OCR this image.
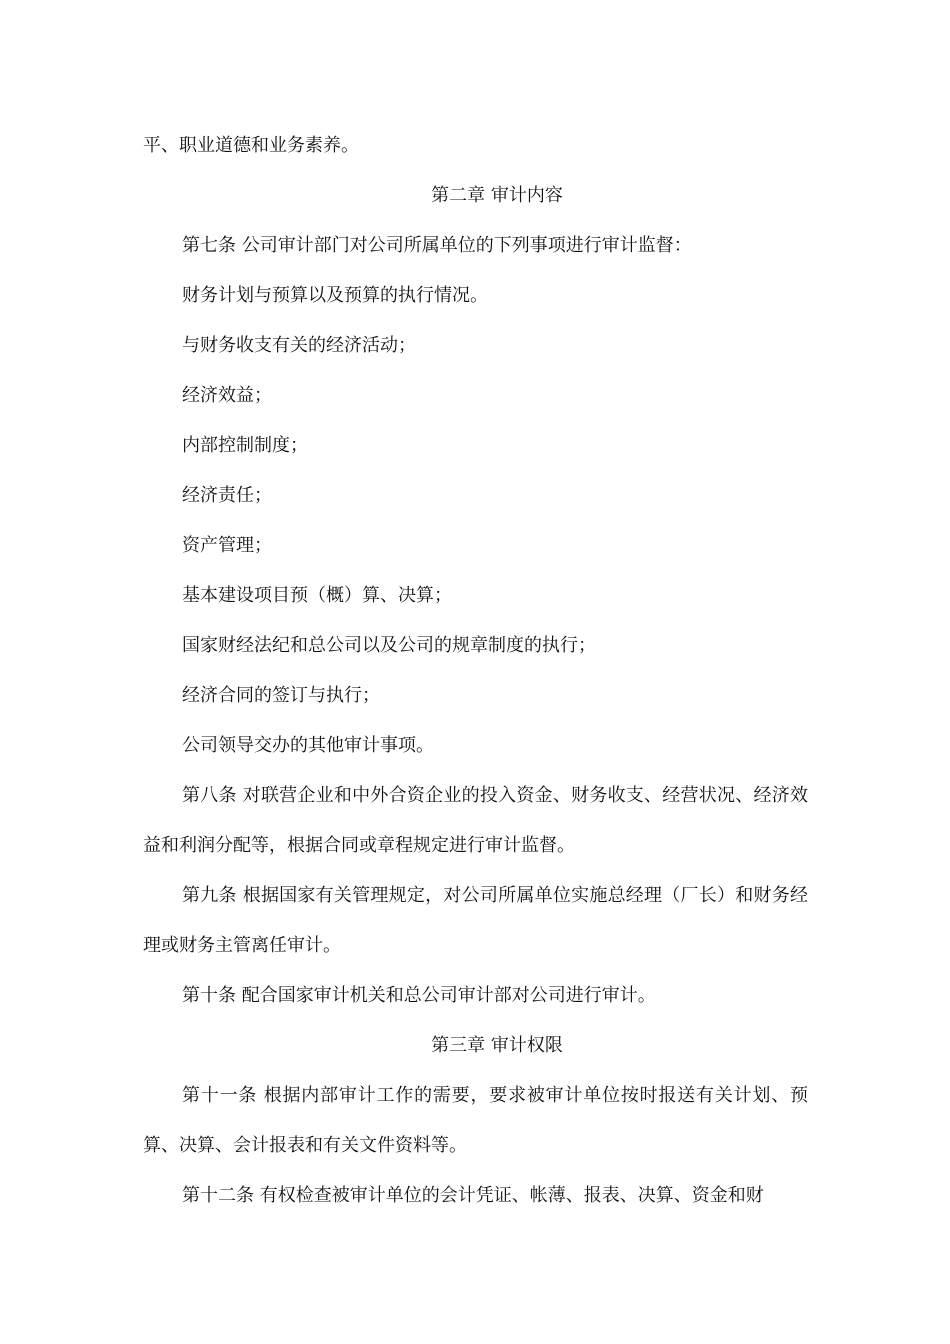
平、职业道德和业务素养。

第二章 审计内容

第七条 公司审计部门对公司所属单位的下列事项进行审计监督：

财务计划与预算以及预算的执行情况。

与财务收支有关的经济活动；

经济效益；

内部控制制度；

经济责任；

资产管理；

基本建设项目预（概）算、决算；

国家财经法纪和总公司以及公司的规章制度的执行；

经济合同的签订与执行；

公司领导交办的其他审计事项。

第八条 对联营企业和中外合资企业的投入资金、财务收支、经营状况、经济效益和利润分配等，根据合同或章程规定进行审计监督。

第九条 根据国家有关管理规定，对公司所属单位实施总经理（厂长）和财务经理或财务主管离任审计。

第十条 配合国家审计机关和总公司审计部对公司进行审计。

第三章 审计权限

第十一条 根据内部审计工作的需要，要求被审计单位按时报送有关计划、预算、决算、会计报表和有关文件资料等。

第十二条 有权检查被审计单位的会计凭证、帐薄、报表、决算、资金和财
